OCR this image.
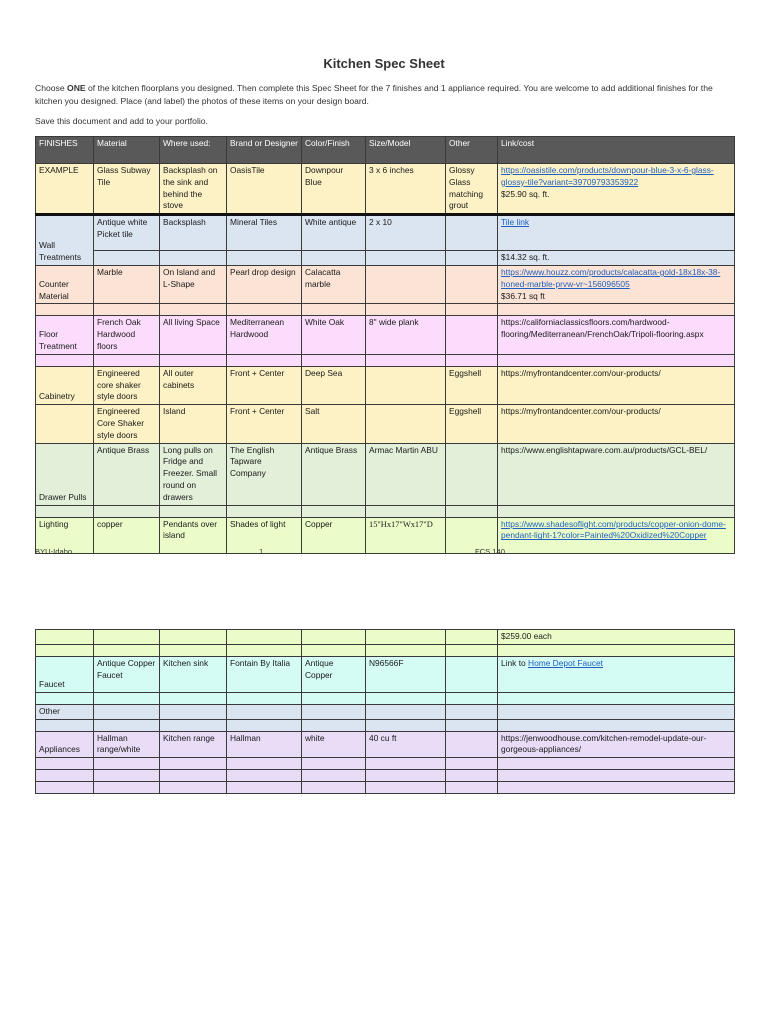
Kitchen Spec Sheet
Choose ONE of the kitchen floorplans you designed. Then complete this Spec Sheet for the 7 finishes and 1 appliance required. You are welcome to add additional finishes for the kitchen you designed. Place (and label) the photos of these items on your design board.
Save this document and add to your portfolio.
FINISHES	Material	Where used:	Brand or Designer	Color/Finish	Size/Model	Other	Link/cost
EXAMPLE	Glass Subway Tile	Backsplash on the sink and behind the stove	OasisTile	Downpour Blue	3 x 6 inches	Glossy Glass matching grout	https://oasistile.com/products/downpour-blue-3-x-6-glass-glossy-tile?variant=39709793353922
$25.90 sq. ft.
Wall Treatments	Antique white Picket tile	Backsplash	Mineral Tiles	White antique	2 x 10		Tile link
							$14.32 sq. ft.
Counter Material	Marble	On Island and L-Shape	Pearl drop design	Calacatta marble			https://www.houzz.com/products/calacatta-gold-18x18x-38-honed-marble-prvw-vr~156096505
$36.71 sq ft

Floor Treatment	French Oak Hardwood floors	All living Space	Mediterranean Hardwood	White Oak	8" wide plank		https://californiaclassicsfloors.com/hardwood-flooring/Mediterranean/FrenchOak/Tripoli-flooring.aspx

Cabinetry	Engineered core shaker style doors	All outer cabinets	Front + Center	Deep Sea		Eggshell	https://myfrontandcenter.com/our-products/
	Engineered Core Shaker style doors	Island	Front + Center	Salt		Eggshell	https://myfrontandcenter.com/our-products/
Drawer Pulls	Antique Brass	Long pulls on Fridge and Freezer. Small round on drawers	The English Tapware Company	Antique Brass	Armac Martin ABU		https://www.englishtapware.com.au/products/GCL-BEL/

Lighting	copper	Pendants over island	Shades of light	Copper	15"Hx17"Wx17"D		https://www.shadesoflight.com/products/copper-onion-dome-pendant-light-1?color=Painted%20Oxidized%20Copper
BYU-Idaho	1	FCS 140
							$259.00 each

Faucet	Antique Copper Faucet	Kitchen sink	Fontain By Italia	Antique Copper	N96566F		Link to Home Depot Faucet

Other							

Appliances	Hallman range/white	Kitchen range	Hallman	white	40 cu ft		https://jenwoodhouse.com/kitchen-remodel-update-our-gorgeous-appliances/
